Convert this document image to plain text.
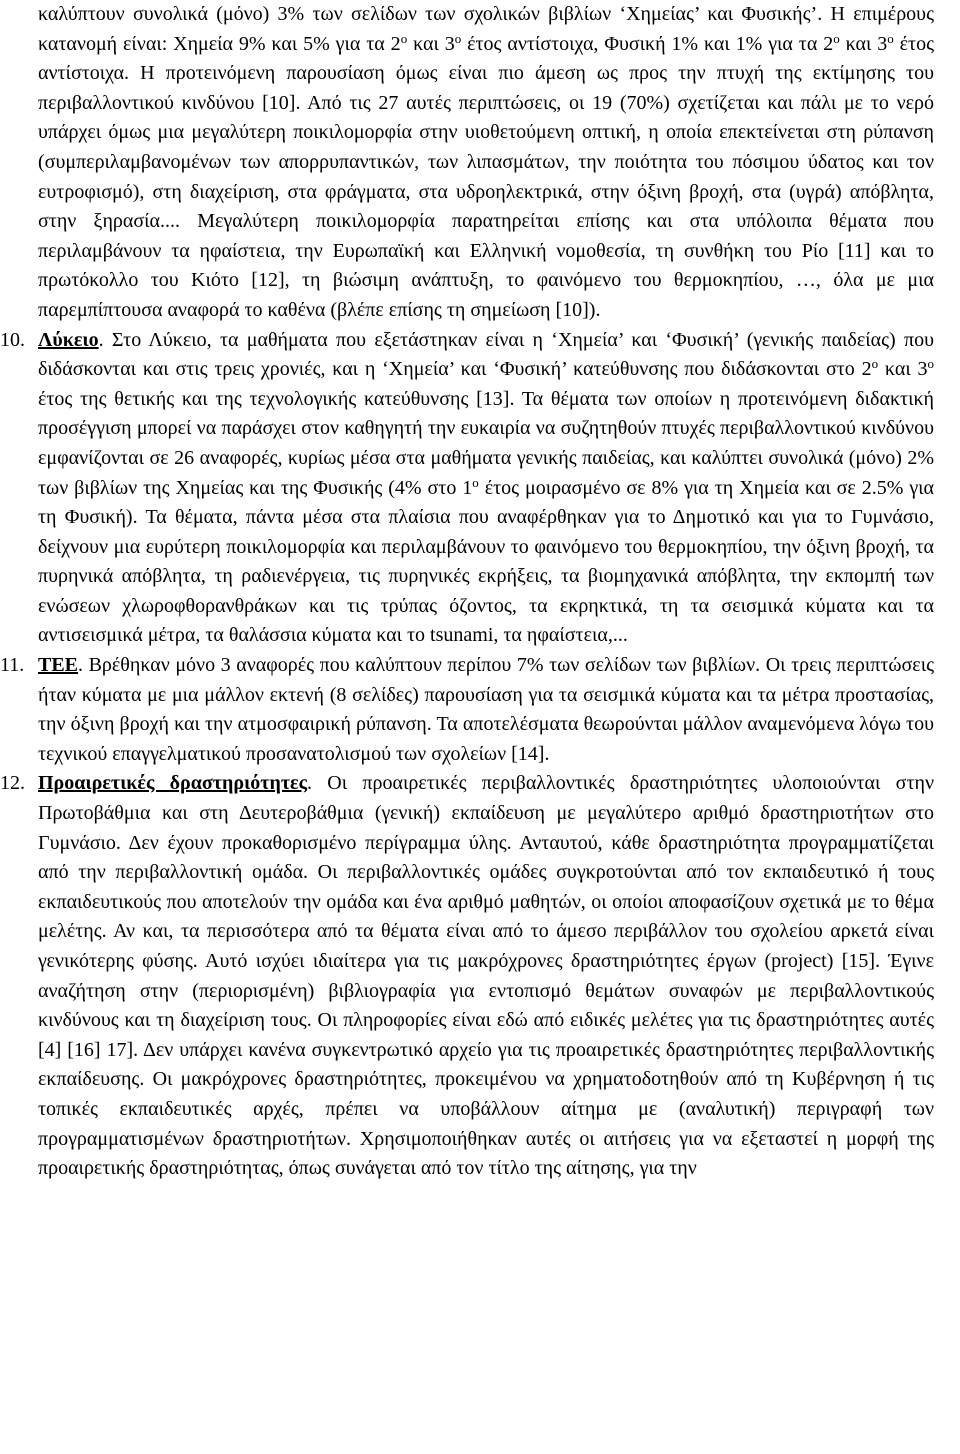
καλύπτουν συνολικά (μόνο) 3% των σελίδων των σχολικών βιβλίων ‘Χημείας’ και Φυσικής’. Η επιμέρους κατανομή είναι: Χημεία 9% και 5% για τα $2^o$ και $3^o$ έτος αντίστοιχα, Φυσική 1% και 1% για τα $2^o$ και $3^o$ έτος αντίστοιχα. Η προτεινόμενη παρουσίαση όμως είναι πιο άμεση ως προς την πτυχή της εκτίμησης του περιβαλλοντικού κινδύνου [10]. Από τις 27 αυτές περιπτώσεις, οι 19 (70%) σχετίζεται και πάλι με το νερό υπάρχει όμως μια μεγαλύτερη ποικιλομορφία στην υιοθετούμενη οπτική, η οποία επεκτείνεται στη ρύπανση (συμπεριλαμβανομένων των απορρυπαντικών, των λιπασμάτων, την ποιότητα του πόσιμου ύδατος και τον ευτροφισμό), στη διαχείριση, στα φράγματα, στα υδροηλεκτρικά, στην όξινη βροχή, στα (υγρά) απόβλητα, στην ξηρασία.... Μεγαλύτερη ποικιλομορφία παρατηρείται επίσης και στα υπόλοιπα θέματα που περιλαμβάνουν τα ηφαίστεια, την Ευρωπαϊκή και Ελληνική νομοθεσία, τη συνθήκη του Ρίο [11] και το πρωτόκολλο του Κιότο [12], τη βιώσιμη ανάπτυξη, το φαινόμενο του θερμοκηπίου, …, όλα με μια παρεμπίπτουσα αναφορά το καθένα (βλέπε επίσης τη σημείωση [10]).

10. Λύκειο. Στο Λύκειο, τα μαθήματα που εξετάστηκαν είναι η ‘Χημεία’ και ‘Φυσική’ (γενικής παιδείας) που διδάσκονται και στις τρεις χρονιές, και η ‘Χημεία’ και ‘Φυσική’ κατεύθυνσης που διδάσκονται στο $2^o$ και $3^o$ έτος της θετικής και της τεχνολογικής κατεύθυνσης [13]. Τα θέματα των οποίων η προτεινόμενη διδακτική προσέγγιση μπορεί να παράσχει στον καθηγητή την ευκαιρία να συζητηθούν πτυχές περιβαλλοντικού κινδύνου εμφανίζονται σε 26 αναφορές, κυρίως μέσα στα μαθήματα γενικής παιδείας, και καλύπτει συνολικά (μόνο) 2% των βιβλίων της Χημείας και της Φυσικής (4% στο $1^o$ έτος μοιρασμένο σε 8% για τη Χημεία και σε 2.5% για τη Φυσική). Τα θέματα, πάντα μέσα στα πλαίσια που αναφέρθηκαν για το Δημοτικό και για το Γυμνάσιο, δείχνουν μια ευρύτερη ποικιλομορφία και περιλαμβάνουν το φαινόμενο του θερμοκηπίου, την όξινη βροχή, τα πυρηνικά απόβλητα, τη ραδιενέργεια, τις πυρηνικές εκρήξεις, τα βιομηχανικά απόβλητα, την εκπομπή των ενώσεων χλωροφθορανθράκων και τις τρύπας όζοντος, τα εκρηκτικά, τη τα σεισμικά κύματα και τα αντισεισμικά μέτρα, τα θαλάσσια κύματα και το tsunami, τα ηφαίστεια,...
11. ΤΕΕ. Βρέθηκαν μόνο 3 αναφορές που καλύπτουν περίπου 7% των σελίδων των βιβλίων. Οι τρεις περιπτώσεις ήταν κύματα με μια μάλλον εκτενή (8 σελίδες) παρουσίαση για τα σεισμικά κύματα και τα μέτρα προστασίας, την όξινη βροχή και την ατμοσφαιρική ρύπανση. Τα αποτελέσματα θεωρούνται μάλλον αναμενόμενα λόγω του τεχνικού επαγγελματικού προσανατολισμού των σχολείων [14].
12. Προαιρετικές δραστηριότητες. Οι προαιρετικές περιβαλλοντικές δραστηριότητες υλοποιούνται στην Πρωτοβάθμια και στη Δευτεροβάθμια (γενική) εκπαίδευση με μεγαλύτερο αριθμό δραστηριοτήτων στο Γυμνάσιο. Δεν έχουν προκαθορισμένο περίγραμμα ύλης. Ανταυτού, κάθε δραστηριότητα προγραμματίζεται από την περιβαλλοντική ομάδα. Οι περιβαλλοντικές ομάδες συγκροτούνται από τον εκπαιδευτικό ή τους εκπαιδευτικούς που αποτελούν την ομάδα και ένα αριθμό μαθητών, οι οποίοι αποφασίζουν σχετικά με το θέμα μελέτης. Αν και, τα περισσότερα από τα θέματα είναι από το άμεσο περιβάλλον του σχολείου αρκετά είναι γενικότερης φύσης. Αυτό ισχύει ιδιαίτερα για τις μακρόχρονες δραστηριότητες έργων (project) [15]. Έγινε αναζήτηση στην (περιορισμένη) βιβλιογραφία για εντοπισμό θεμάτων συναφών με περιβαλλοντικούς κινδύνους και τη διαχείριση τους. Οι πληροφορίες είναι εδώ από ειδικές μελέτες για τις δραστηριότητες αυτές [4] [16] 17]. Δεν υπάρχει κανένα συγκεντρωτικό αρχείο για τις προαιρετικές δραστηριότητες περιβαλλοντικής εκπαίδευσης. Οι μακρόχρονες δραστηριότητες, προκειμένου να χρηματοδοτηθούν από τη Κυβέρνηση ή τις τοπικές εκπαιδευτικές αρχές, πρέπει να υποβάλλουν αίτημα με (αναλυτική) περιγραφή των προγραμματισμένων δραστηριοτήτων. Χρησιμοποιήθηκαν αυτές οι αιτήσεις για να εξεταστεί η μορφή της προαιρετικής δραστηριότητας, όπως συνάγεται από τον τίτλο της αίτησης, για την
